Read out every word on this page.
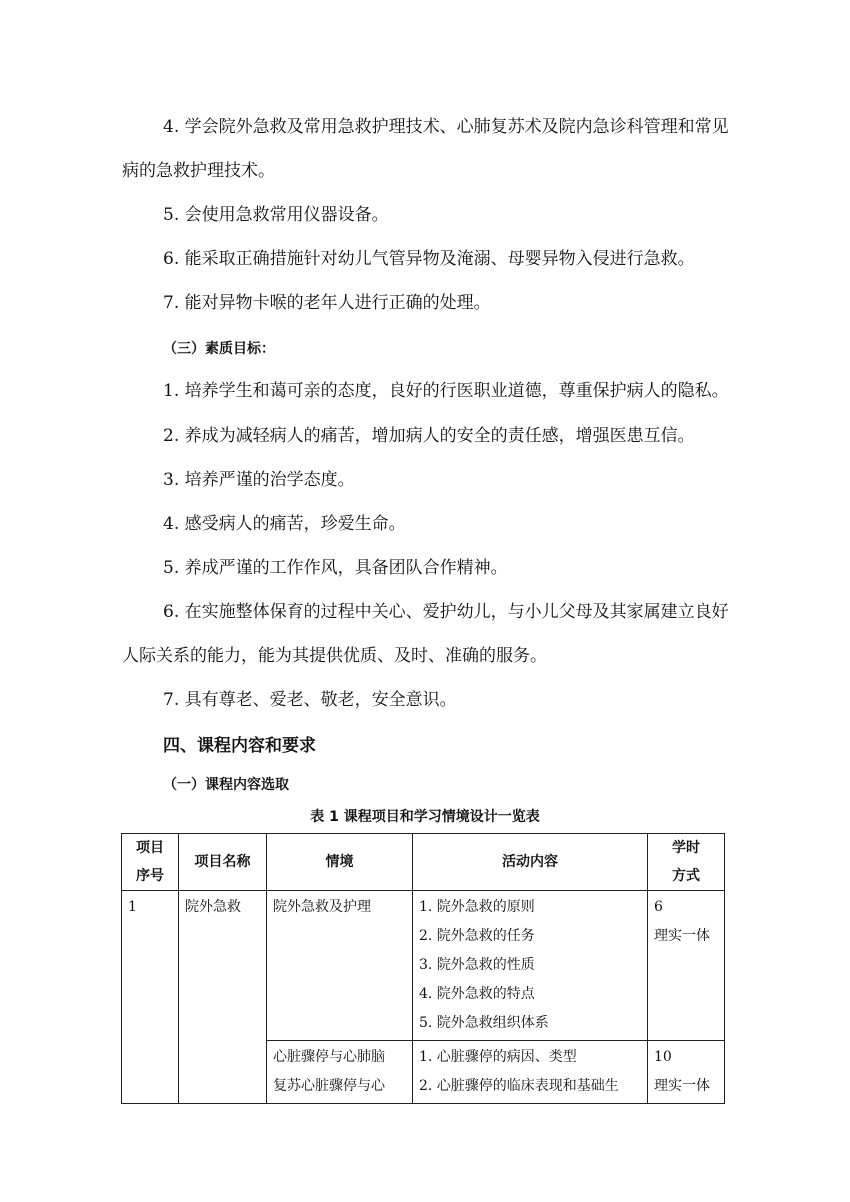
4. 学会院外急救及常用急救护理技术、心肺复苏术及院内急诊科管理和常见
病的急救护理技术。
5. 会使用急救常用仪器设备。
6. 能采取正确措施针对幼儿气管异物及淹溺、母婴异物入侵进行急救。
7. 能对异物卡喉的老年人进行正确的处理。
（三）素质目标：
1. 培养学生和蔼可亲的态度，良好的行医职业道德，尊重保护病人的隐私。
2. 养成为减轻病人的痛苦，增加病人的安全的责任感，增强医患互信。
3. 培养严谨的治学态度。
4. 感受病人的痛苦，珍爱生命。
5. 养成严谨的工作作风，具备团队合作精神。
6. 在实施整体保育的过程中关心、爱护幼儿，与小儿父母及其家属建立良好
人际关系的能力，能为其提供优质、及时、准确的服务。
7. 具有尊老、爱老、敬老，安全意识。
四、课程内容和要求
（一）课程内容选取
表 1 课程项目和学习情境设计一览表
项目
序号	项目名称	情境	活动内容	学时
方式

1	院外急救	院外急救及护理	1. 院外急救的原则
2. 院外急救的任务
3. 院外急救的性质
4. 院外急救的特点
5. 院外急救组织体系	6
理实一体

		心脏骤停与心肺脑
复苏心脏骤停与心	1. 心脏骤停的病因、类型
2. 心脏骤停的临床表现和基础生	10
理实一体
